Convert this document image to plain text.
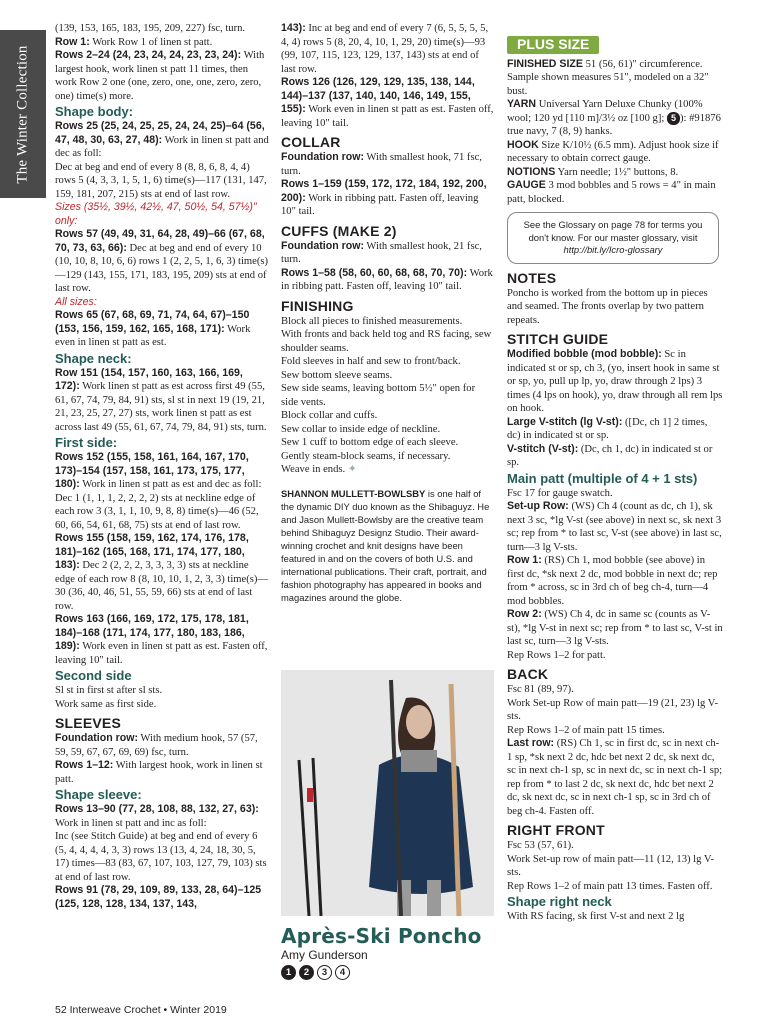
The Winter Collection

(139, 153, 165, 183, 195, 209, 227) fsc, turn.

Row 1: Work Row 1 of linen st patt.

Rows 2–24 (24, 23, 24, 24, 23, 23, 24): With largest hook, work linen st patt 11 times, then work Row 2 one (one, zero, one, one, zero, zero, one) time(s) more.

Shape body:

Rows 25 (25, 24, 25, 25, 24, 24, 25)–64 (56, 47, 48, 30, 63, 27, 48): Work in linen st patt and dec as foll:

Dec at beg and end of every 8 (8, 8, 6, 8, 4, 4) rows 5 (4, 3, 3, 1, 5, 1, 6) time(s)—117 (131, 147, 159, 181, 207, 215) sts at end of last row.

Sizes (35½, 39½, 42½, 47, 50½, 54, 57½)" only:

Rows 57 (49, 49, 31, 64, 28, 49)–66 (67, 68, 70, 73, 63, 66): Dec at beg and end of every 10 (10, 10, 8, 10, 6, 6) rows 1 (2, 2, 5, 1, 6, 3) time(s)—129 (143, 155, 171, 183, 195, 209) sts at end of last row.

All sizes:

Rows 65 (67, 68, 69, 71, 74, 64, 67)–150 (153, 156, 159, 162, 165, 168, 171): Work even in linen st patt as est.

Shape neck:

Row 151 (154, 157, 160, 163, 166, 169, 172): Work linen st patt as est across first 49 (55, 61, 67, 74, 79, 84, 91) sts, sl st in next 19 (19, 21, 21, 23, 25, 27, 27) sts, work linen st patt as est across last 49 (55, 61, 67, 74, 79, 84, 91) sts, turn.

First side:

Rows 152 (155, 158, 161, 164, 167, 170, 173)–154 (157, 158, 161, 173, 175, 177, 180): Work in linen st patt as est and dec as foll:

Dec 1 (1, 1, 1, 2, 2, 2, 2) sts at neckline edge of each row 3 (3, 1, 1, 10, 9, 8, 8) time(s)—46 (52, 60, 66, 54, 61, 68, 75) sts at end of last row.

Rows 155 (158, 159, 162, 174, 176, 178, 181)–162 (165, 168, 171, 174, 177, 180, 183): Dec 2 (2, 2, 2, 3, 3, 3, 3) sts at neckline edge of each row 8 (8, 10, 10, 1, 2, 3, 3) time(s)—30 (36, 40, 46, 51, 55, 59, 66) sts at end of last row.

Rows 163 (166, 169, 172, 175, 178, 181, 184)–168 (171, 174, 177, 180, 183, 186, 189): Work even in linen st patt as est. Fasten off, leaving 10" tail.

Second side

Sl st in first st after sl sts.

Work same as first side.

SLEEVES

Foundation row: With medium hook, 57 (57, 59, 59, 67, 67, 69, 69) fsc, turn.

Rows 1–12: With largest hook, work in linen st patt.

Shape sleeve:

Rows 13–90 (77, 28, 108, 88, 132, 27, 63): Work in linen st patt and inc as foll:

Inc (see Stitch Guide) at beg and end of every 6 (5, 4, 4, 4, 4, 3, 3) rows 13 (13, 4, 24, 18, 30, 5, 17) times—83 (83, 67, 107, 103, 127, 79, 103) sts at end of last row.

Rows 91 (78, 29, 109, 89, 133, 28, 64)–125 (125, 128, 128, 134, 137, 143,

143): Inc at beg and end of every 7 (6, 5, 5, 5, 5, 4, 4) rows 5 (8, 20, 4, 10, 1, 29, 20) time(s)—93 (99, 107, 115, 123, 129, 137, 143) sts at end of last row.

Rows 126 (126, 129, 129, 135, 138, 144, 144)–137 (137, 140, 140, 146, 149, 155, 155): Work even in linen st patt as est. Fasten off, leaving 10" tail.

COLLAR

Foundation row: With smallest hook, 71 fsc, turn.

Rows 1–159 (159, 172, 172, 184, 192, 200, 200): Work in ribbing patt. Fasten off, leaving 10" tail.

CUFFS (MAKE 2)

Foundation row: With smallest hook, 21 fsc, turn.

Rows 1–58 (58, 60, 60, 68, 68, 70, 70): Work in ribbing patt. Fasten off, leaving 10" tail.

FINISHING

Block all pieces to finished measurements.

With fronts and back held tog and RS facing, sew shoulder seams.

Fold sleeves in half and sew to front/back.

Sew bottom sleeve seams.

Sew side seams, leaving bottom 5½" open for side vents.

Block collar and cuffs.

Sew collar to inside edge of neckline.

Sew 1 cuff to bottom edge of each sleeve.

Gently steam-block seams, if necessary.

Weave in ends. ✦

SHANNON MULLETT-BOWLSBY is one half of the dynamic DIY duo known as the Shibaguyz. He and Jason Mullett-Bowlsby are the creative team behind Shibaguyz Designz Studio. Their award-winning crochet and knit designs have been featured in and on the covers of both U.S. and international publications. Their craft, portrait, and fashion photography has appeared in books and magazines around the globe.

Après-Ski Poncho
Amy Gunderson
1	2	3	4
PLUS SIZE

FINISHED SIZE 51 (56, 61)" circumference. Sample shown measures 51", modeled on a 32" bust.

YARN Universal Yarn Deluxe Chunky (100% wool; 120 yd [110 m]/3½ oz [100 g]; 5 ): #91876 true navy, 7 (8, 9) hanks.

HOOK Size K/10½ (6.5 mm). Adjust hook size if necessary to obtain correct gauge.

NOTIONS Yarn needle; 1½" buttons, 8.

GAUGE 3 mod bobbles and 5 rows = 4" in main patt, blocked.

See the Glossary on page 78 for terms you don't know. For our master glossary, visit http://bit.ly/Icro-glossary
NOTES

Poncho is worked from the bottom up in pieces and seamed. The fronts overlap by two pattern repeats.

STITCH GUIDE

Modified bobble (mod bobble): Sc in indicated st or sp, ch 3, (yo, insert hook in same st or sp, yo, pull up lp, yo, draw through 2 lps) 3 times (4 lps on hook), yo, draw through all rem lps on hook.

Large V-stitch (lg V-st): ([Dc, ch 1] 2 times, dc) in indicated st or sp.

V-stitch (V-st): (Dc, ch 1, dc) in indicated st or sp.

Main patt (multiple of 4 + 1 sts)

Fsc 17 for gauge swatch.

Set-up Row: (WS) Ch 4 (count as dc, ch 1), sk next 3 sc, *lg V-st (see above) in next sc, sk next 3 sc; rep from * to last sc, V-st (see above) in last sc, turn—3 lg V-sts.

Row 1: (RS) Ch 1, mod bobble (see above) in first dc, *sk next 2 dc, mod bobble in next dc; rep from * across, sc in 3rd ch of beg ch-4, turn—4 mod bobbles.

Row 2: (WS) Ch 4, dc in same sc (counts as V-st), *lg V-st in next sc; rep from * to last sc, V-st in last sc, turn—3 lg V-sts.

Rep Rows 1–2 for patt.

BACK

Fsc 81 (89, 97).

Work Set-up Row of main patt—19 (21, 23) lg V-sts.

Rep Rows 1–2 of main patt 15 times.

Last row: (RS) Ch 1, sc in first dc, sc in next ch-1 sp, *sk next 2 dc, hdc bet next 2 dc, sk next dc, sc in next ch-1 sp, sc in next dc, sc in next ch-1 sp; rep from * to last 2 dc, sk next dc, hdc bet next 2 dc, sk next dc, sc in next ch-1 sp, sc in 3rd ch of beg ch-4. Fasten off.

RIGHT FRONT

Fsc 53 (57, 61).

Work Set-up row of main patt—11 (12, 13) lg V-sts.

Rep Rows 1–2 of main patt 13 times. Fasten off.

Shape right neck

With RS facing, sk first V-st and next 2 lg

52 Interweave Crochet • Winter 2019
